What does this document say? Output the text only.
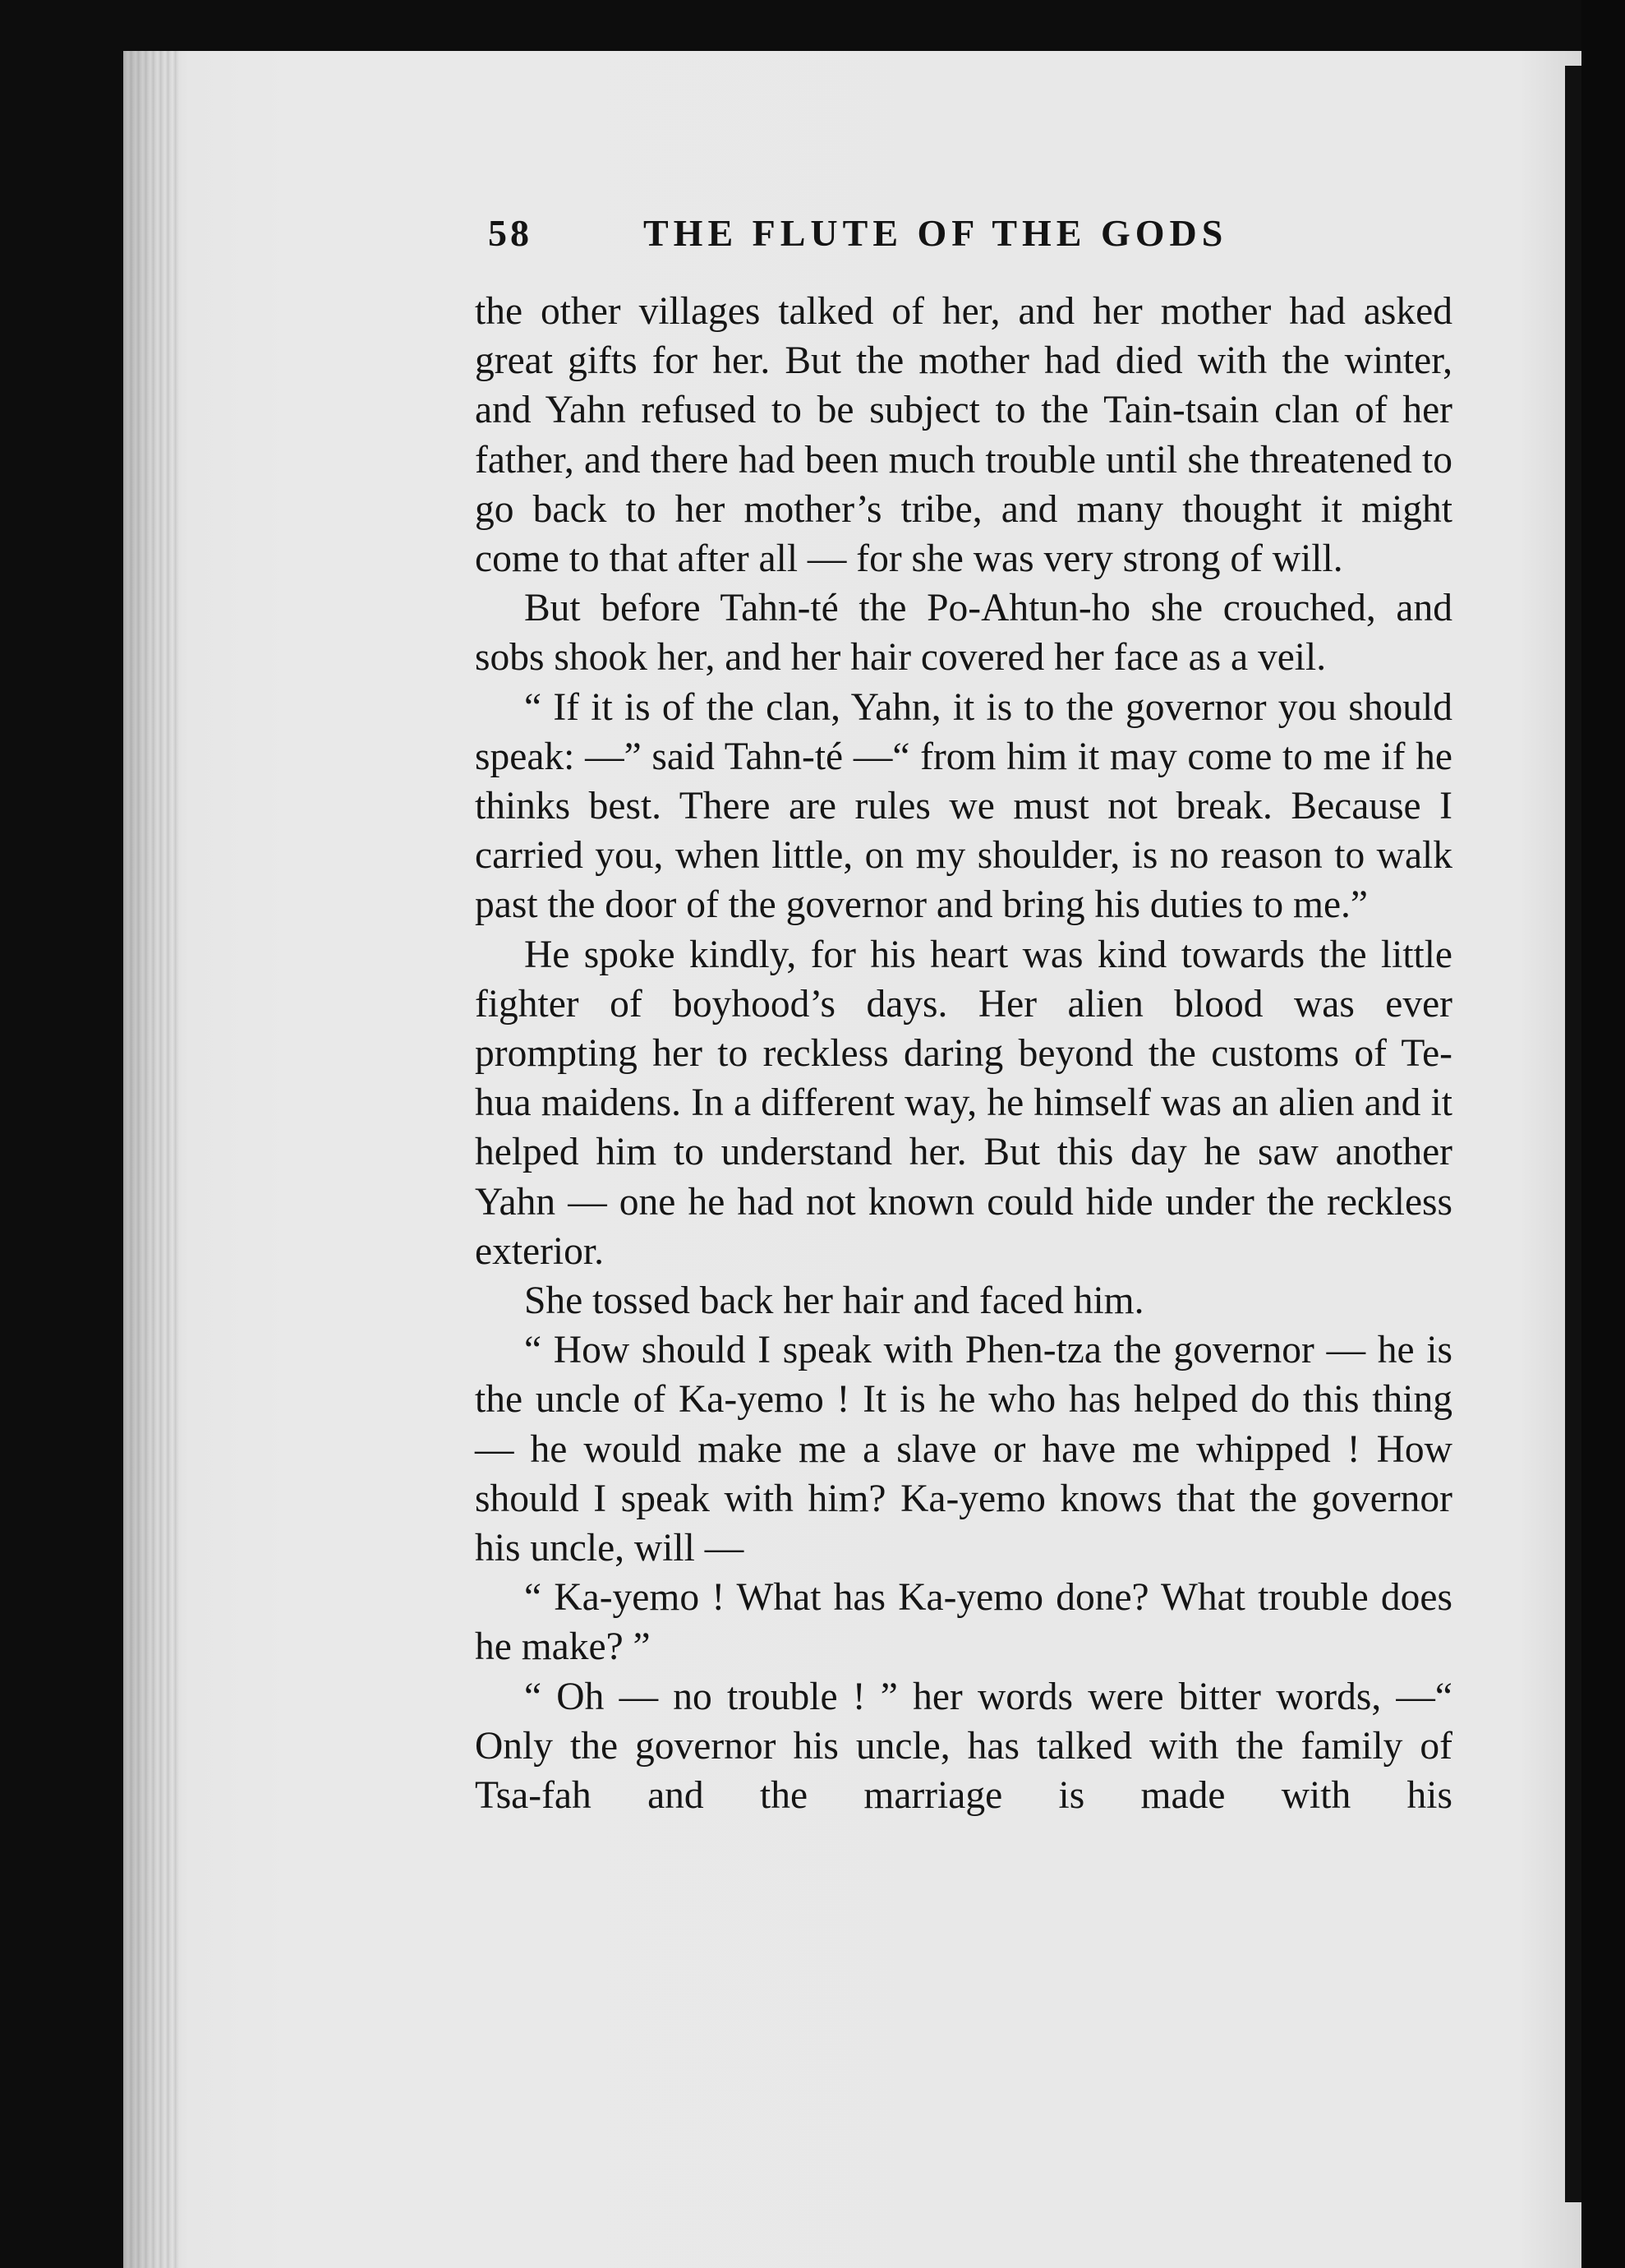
58	THE FLUTE OF THE GODS

the other villages talked of her, and her mother had asked great gifts for her. But the mother had died with the winter, and Yahn refused to be subject to the Tain-tsain clan of her father, and there had been much trouble until she threatened to go back to her mother’s tribe, and many thought it might come to that after all — for she was very strong of will.

But before Tahn-té the Po-Ahtun-ho she crouched, and sobs shook her, and her hair covered her face as a veil.

“ If it is of the clan, Yahn, it is to the governor you should speak: —” said Tahn-té —“ from him it may come to me if he thinks best. There are rules we must not break. Because I carried you, when little, on my shoulder, is no reason to walk past the door of the governor and bring his duties to me.”

He spoke kindly, for his heart was kind towards the little fighter of boyhood’s days. Her alien blood was ever prompting her to reckless daring beyond the customs of Te-hua maidens. In a different way, he himself was an alien and it helped him to understand her. But this day he saw another Yahn — one he had not known could hide under the reckless exterior.

She tossed back her hair and faced him.

“ How should I speak with Phen-tza the governor — he is the uncle of Ka-yemo ! It is he who has helped do this thing — he would make me a slave or have me whipped ! How should I speak with him? Ka-yemo knows that the governor his uncle, will —

“ Ka-yemo ! What has Ka-yemo done? What trouble does he make? ”

“ Oh — no trouble ! ” her words were bitter words, —“ Only the governor his uncle, has talked with the family of Tsa-fah and the marriage is made with his
